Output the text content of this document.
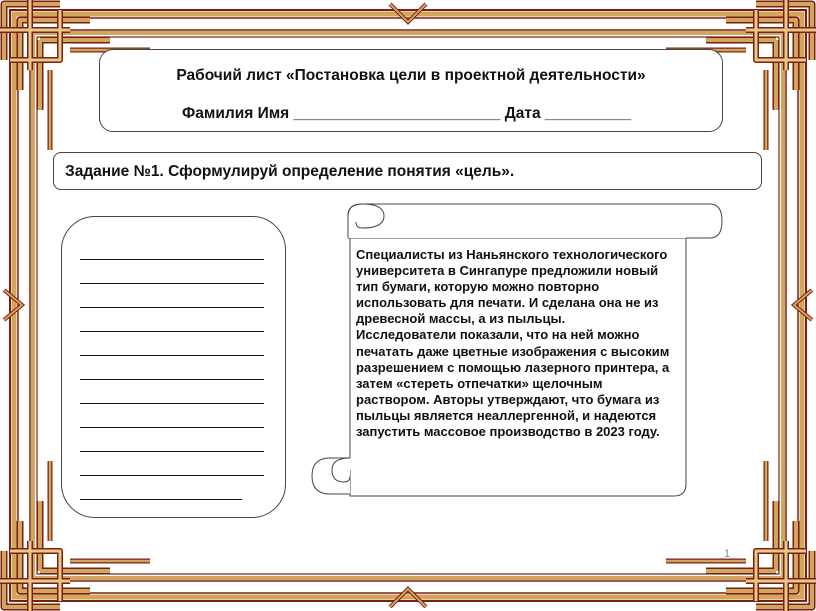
Рабочий лист «Постановка цели в проектной деятельности»
Фамилия Имя ________________________ Дата __________
Задание №1. Сформулируй определение понятия «цель».
Специалисты из Наньянского технологического университета в Сингапуре предложили новый тип бумаги, которую можно повторно использовать для печати. И сделана она не из древесной массы, а из пыльцы.
Исследователи показали, что на ней можно печатать даже цветные изображения с высоким разрешением с помощью лазерного принтера, а затем «стереть отпечатки» щелочным раствором. Авторы утверждают, что бумага из пыльцы является неаллергенной, и надеются запустить массовое производство в 2023 году.
1
